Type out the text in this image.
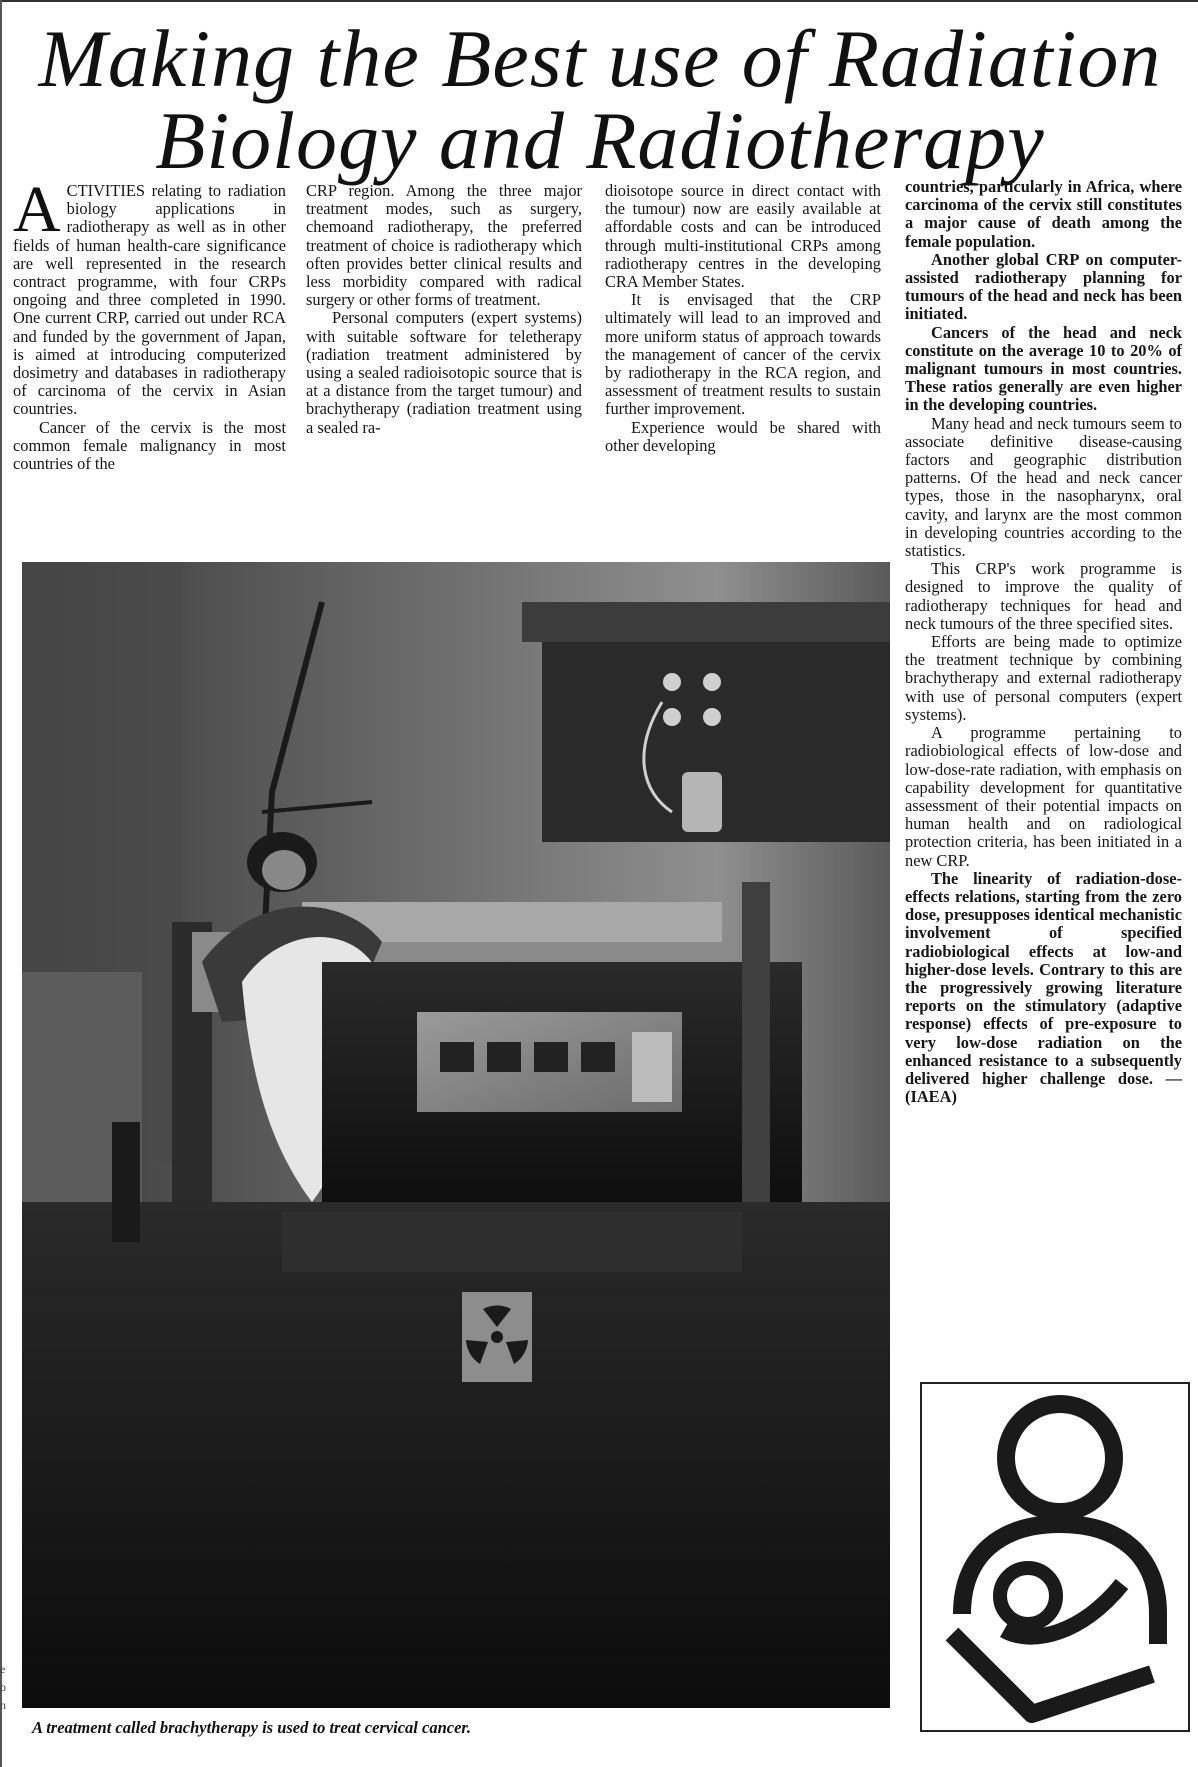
Making the Best use of Radiation
Biology and Radiotherapy

ACTIVITIES relating to radiation biology applications in radiotherapy as well as in other fields of human health-care significance are well represented in the research contract programme, with four CRPs ongoing and three completed in 1990. One current CRP, carried out under RCA and funded by the government of Japan, is aimed at introducing computerized dosimetry and databases in radiotherapy of carcinoma of the cervix in Asian countries.

Cancer of the cervix is the most common female malignancy in most countries of the

CRP region. Among the three major treatment modes, such as surgery, chemoand radiotherapy, the preferred treatment of choice is radiotherapy which often provides better clinical results and less morbidity compared with radical surgery or other forms of treatment.

Personal computers (expert systems) with suitable software for teletherapy (radiation treatment administered by using a sealed radioisotopic source that is at a distance from the target tumour) and brachytherapy (radiation treatment using a sealed ra-

dioisotope source in direct contact with the tumour) now are easily available at affordable costs and can be introduced through multi-institutional CRPs among radiotherapy centres in the developing CRA Member States.

It is envisaged that the CRP ultimately will lead to an improved and more uniform status of approach towards the management of cancer of the cervix by radiotherapy in the RCA region, and assessment of treatment results to sustain further improvement.

Experience would be shared with other developing

countries, particularly in Africa, where carcinoma of the cervix still constitutes a major cause of death among the female population.

Another global CRP on computer-assisted radiotherapy planning for tumours of the head and neck has been initiated.

Cancers of the head and neck constitute on the average 10 to 20% of malignant tumours in most countries. These ratios generally are even higher in the developing countries.

Many head and neck tumours seem to associate definitive disease-causing factors and geographic distribution patterns. Of the head and neck cancer types, those in the nasopharynx, oral cavity, and larynx are the most common in developing countries according to the statistics.

This CRP's work programme is designed to improve the quality of radiotherapy techniques for head and neck tumours of the three specified sites.

Efforts are being made to optimize the treatment technique by combining brachytherapy and external radiotherapy with use of personal computers (expert systems).

A programme pertaining to radiobiological effects of low-dose and low-dose-rate radiation, with emphasis on capability development for quantitative assessment of their potential impacts on human health and on radiological protection criteria, has been initiated in a new CRP.

The linearity of radiation-dose-effects relations, starting from the zero dose, presupposes identical mechanistic involvement of specified radiobiological effects at low-and higher-dose levels. Contrary to this are the progressively growing literature reports on the stimulatory (adaptive response) effects of pre-exposure to very low-dose radiation on the enhanced resistance to a subsequently delivered higher challenge dose. — (IAEA)

A treatment called brachytherapy is used to treat cervical cancer.
e
o
n
